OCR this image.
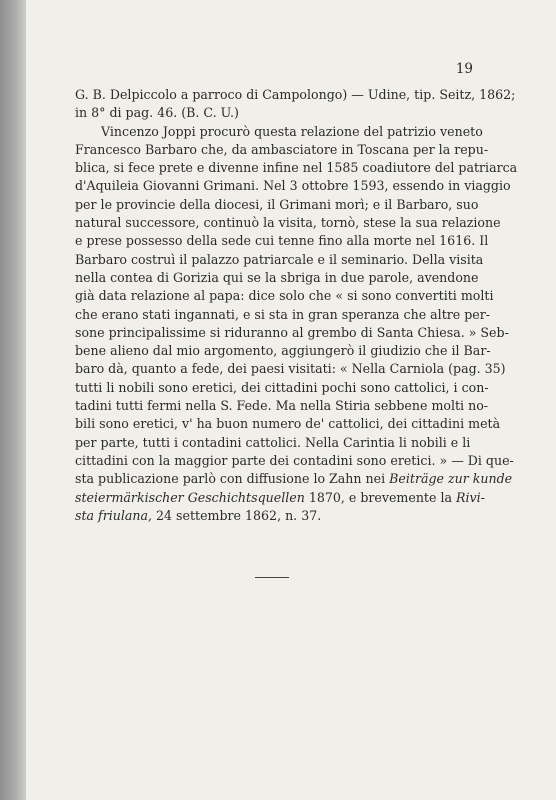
19
G. B. Delpiccolo a parroco di Campolongo) — Udine, tip. Seitz, 1862;
in 8° di pag. 46. (B. C. U.)
Vincenzo Joppi procurò questa relazione del patrizio veneto
Francesco Barbaro che, da ambasciatore in Toscana per la repu-
blica, si fece prete e divenne infine nel 1585 coadiutore del patriarca
d'Aquileia Giovanni Grimani. Nel 3 ottobre 1593, essendo in viaggio
per le provincie della diocesi, il Grimani morì; e il Barbaro, suo
natural successore, continuò la visita, tornò, stese la sua relazione
e prese possesso della sede cui tenne fino alla morte nel 1616. Il
Barbaro costruì il palazzo patriarcale e il seminario. Della visita
nella contea di Gorizia qui se la sbriga in due parole, avendone
già data relazione al papa: dice solo che « si sono convertiti molti
che erano stati ingannati, e si sta in gran speranza che altre per-
sone principalissime si riduranno al grembo di Santa Chiesa. » Seb-
bene alieno dal mio argomento, aggiungerò il giudizio che il Bar-
baro dà, quanto a fede, dei paesi visitati: « Nella Carniola (pag. 35)
tutti li nobili sono eretici, dei cittadini pochi sono cattolici, i con-
tadini tutti fermi nella S. Fede. Ma nella Stiria sebbene molti no-
bili sono eretici, v' ha buon numero de' cattolici, dei cittadini metà
per parte, tutti i contadini cattolici. Nella Carintia li nobili e li
cittadini con la maggior parte dei contadini sono eretici. » — Di que-
sta publicazione parlò con diffusione lo Zahn nei Beiträge zur kunde
steiermärkischer Geschichtsquellen 1870, e brevemente la Rivi-
sta friulana, 24 settembre 1862, n. 37.
